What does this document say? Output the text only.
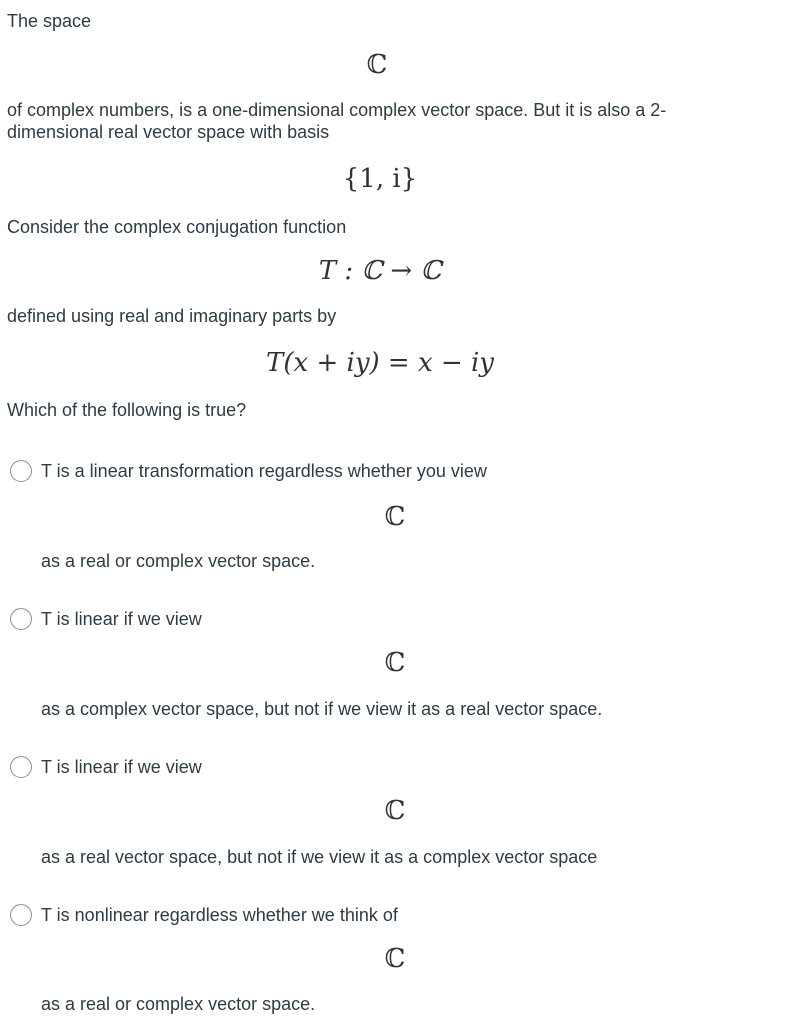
The space
ℂ
of complex numbers, is a one-dimensional complex vector space. But it is also a 2-dimensional real vector space with basis
{1, i}
Consider the complex conjugation function
T : ℂ → ℂ
defined using real and imaginary parts by
T(x + iy) = x − iy
Which of the following is true?
T is a linear transformation regardless whether you view
ℂ
as a real or complex vector space.
T is linear if we view
ℂ
as a complex vector space, but not if we view it as a real vector space.
T is linear if we view
ℂ
as a real vector space, but not if we view it as a complex vector space
T is nonlinear regardless whether we think of
ℂ
as a real or complex vector space.
